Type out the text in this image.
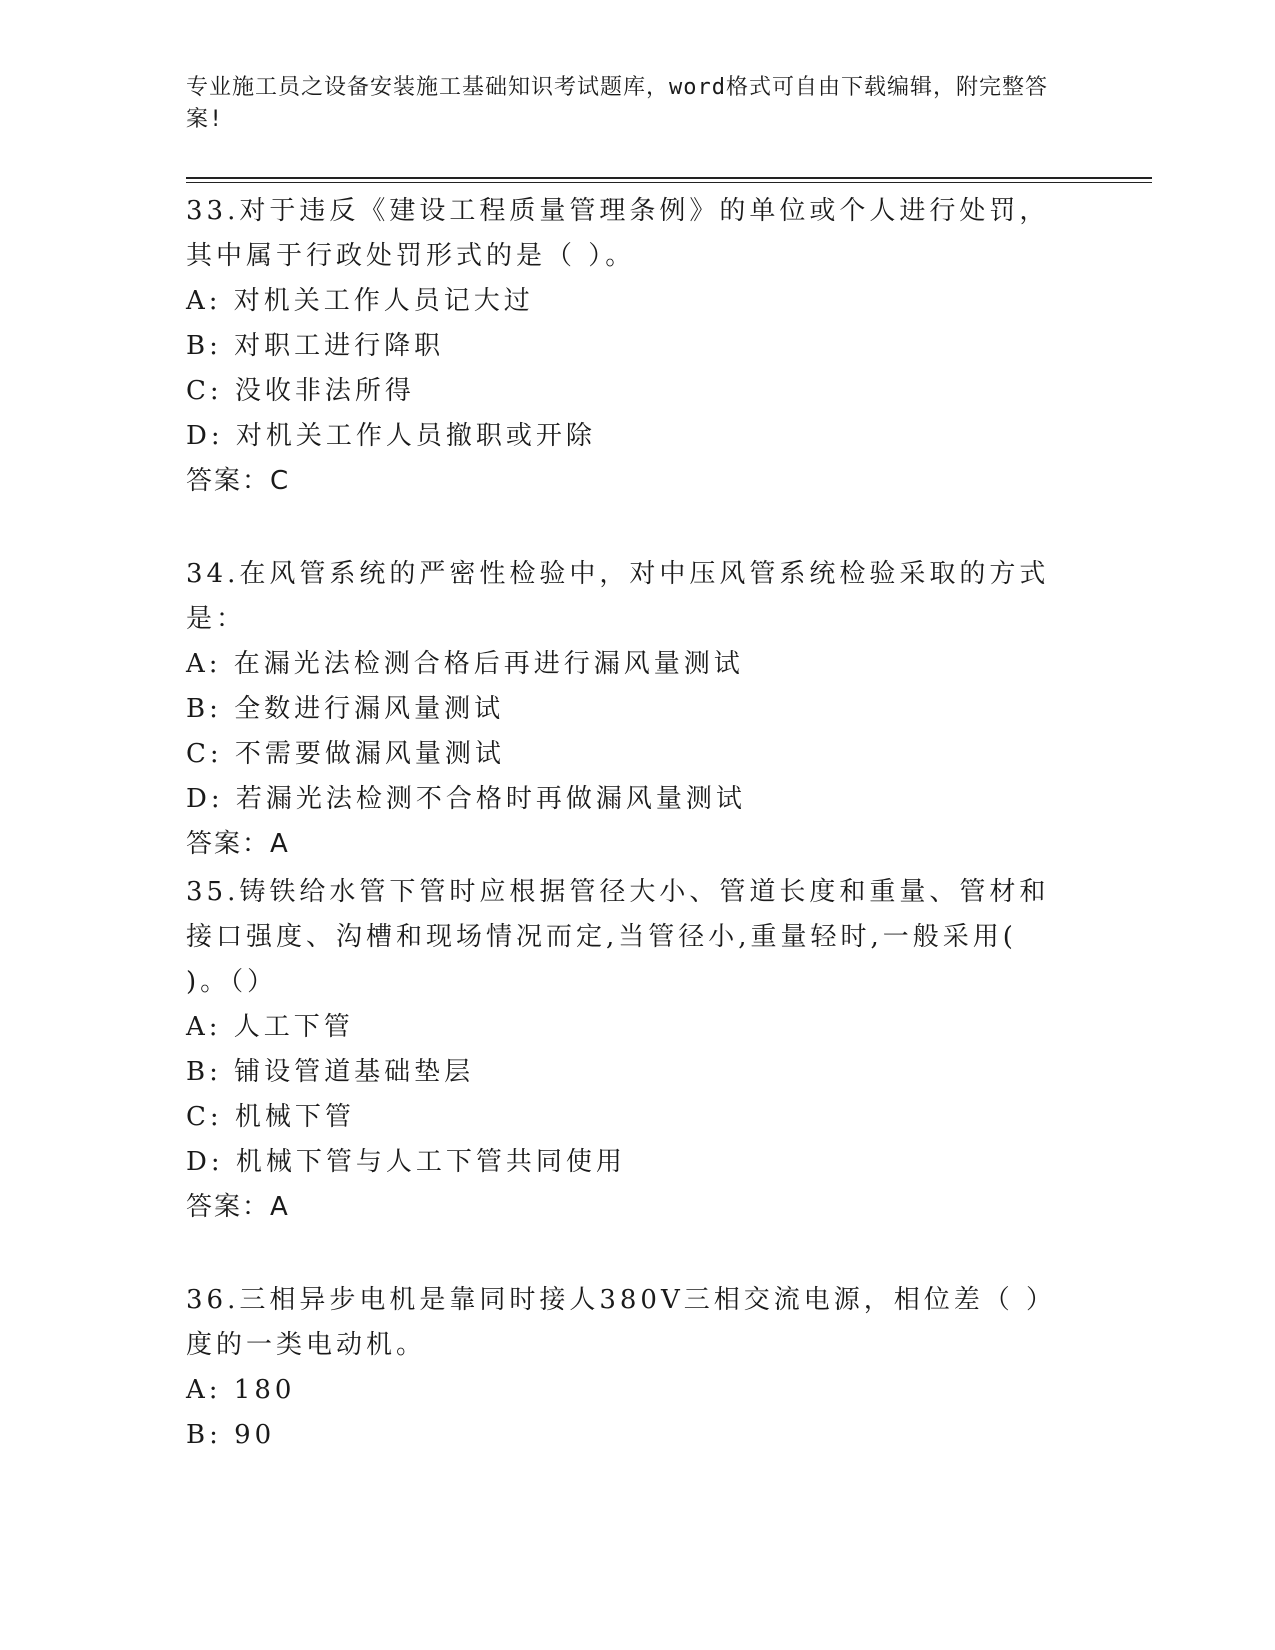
专业施工员之设备安装施工基础知识考试题库，word格式可自由下载编辑，附完整答案!
33.对于违反《建设工程质量管理条例》的单位或个人进行处罚，其中属于行政处罚形式的是（ ）。
A: 对机关工作人员记大过
B: 对职工进行降职
C: 没收非法所得
D: 对机关工作人员撤职或开除
答案：C
34.在风管系统的严密性检验中，对中压风管系统检验采取的方式是：
A: 在漏光法检测合格后再进行漏风量测试
B: 全数进行漏风量测试
C: 不需要做漏风量测试
D: 若漏光法检测不合格时再做漏风量测试
答案：A
35.铸铁给水管下管时应根据管径大小、管道长度和重量、管材和接口强度、沟槽和现场情况而定,当管径小,重量轻时,一般采用( )。（）
A: 人工下管
B: 铺设管道基础垫层
C: 机械下管
D: 机械下管与人工下管共同使用
答案：A
36.三相异步电机是靠同时接人380V三相交流电源，相位差（ ）度的一类电动机。
A: 180
B: 90
